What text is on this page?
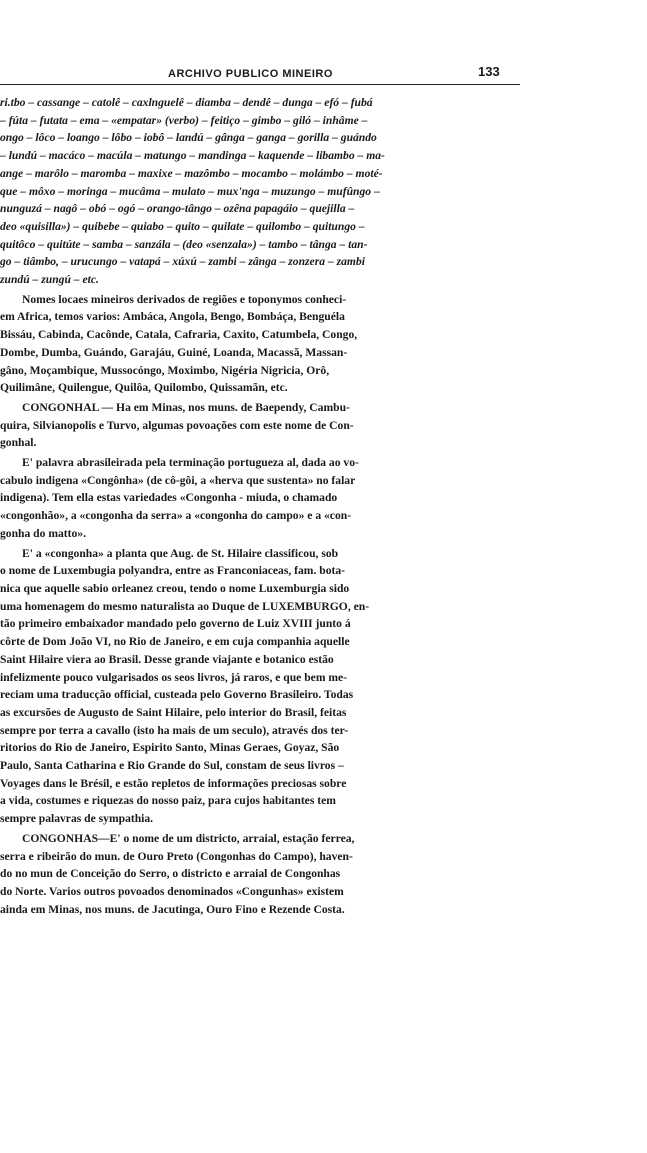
ARCHIVO PUBLICO MINEIRO	133
ri.tbo – cassange – catolê – caxlnguelê – diamba – dendê – dunga – efó – fubá
– fúta – futata – ema – «empatar» (verbo) – feitiço – gimbo – giló – inhâme –
ongo – lôco – loango – lôbo – iobô – landú – gânga – ganga – gorilla – guándo
– lundú – macáco – macúla – matungo – mandinga – kaquende – libambo – ma-
ange – marôlo – maromba – maxixe – mazômbo – mocambo – molámbo – moté-
que – môxo – moringa – mucâma – mulato – mux'nga – muzungo – mufûngo –
nunguzá – nagô – obó – ogó – orango-tângo – ozêna papagáio – quejilla –
deo «quisilla») – quibebe – quiabo – quito – quilate – quilombo – quitungo –
quitôco – quitúte – samba – sanzála – (deo «senzala») – tambo – tânga – tan-
go – tiâmbo, – urucungo – vatapá – xúxú – zambi – zânga – zonzera – zambi
zundú – zungú – etc.
Nomes locaes mineiros derivados de regiões e toponymos conheci-
em Africa, temos varios: Ambáca, Angola, Bengo, Bombáça, Benguéla
Bissáu, Cabinda, Cacônde, Catala, Cafraria, Caxito, Catumbela, Congo,
Dombe, Dumba, Guándo, Garajáu, Guiné, Loanda, Macassã, Massan-
gâno, Moçambique, Mussocóngo, Moximbo, Nigéria Nigricia, Orô,
Quilimâne, Quilengue, Quilôa, Quilombo, Quissamãn, etc.
CONGONHAL — Ha em Minas, nos muns. de Baependy, Cambu-
quira, Silvianopolis e Turvo, algumas povoações com este nome de Con-
gonhal.
E' palavra abrasileirada pela terminação portugueza al, dada ao vo-
cabulo indigena «Congônha» (de cô-gôi, a «herva que sustenta» no falar
indigena). Tem ella estas variedades «Congonha - miuda, o chamado
«congonhão», a «congonha da serra» a «congonha do campo» e a «con-
gonha do matto».
E' a «congonha» a planta que Aug. de St. Hilaire classificou, sob
o nome de Luxembugia polyandra, entre as Franconiaceas, fam. bota-
nica que aquelle sabio orleanez creou, tendo o nome Luxemburgia sido
uma homenagem do mesmo naturalista ao Duque de LUXEMBURGO, en-
tão primeiro embaixador mandado pelo governo de Luiz XVIII junto á
côrte de Dom João VI, no Rio de Janeiro, e em cuja companhia aquelle
Saint Hilaire viera ao Brasil. Desse grande viajante e botanico estão
infelizmente pouco vulgarisados os seos livros, já raros, e que bem me-
reciam uma traducção official, custeada pelo Governo Brasileiro. Todas
as excursões de Augusto de Saint Hilaire, pelo interior do Brasil, feitas
sempre por terra a cavallo (isto ha mais de um seculo), através dos ter-
ritorios do Rio de Janeiro, Espirito Santo, Minas Geraes, Goyaz, São
Paulo, Santa Catharina e Rio Grande do Sul, constam de seus livros –
Voyages dans le Brésil, e estão repletos de informações preciosas sobre
a vida, costumes e riquezas do nosso paiz, para cujos habitantes tem
sempre palavras de sympathia.
CONGONHAS—E' o nome de um districto, arraial, estação ferrea,
serra e ribeirão do mun. de Ouro Preto (Congonhas do Campo), haven-
do no mun de Conceição do Serro, o districto e arraial de Congonhas
do Norte. Varios outros povoados denominados «Congunhas» existem
ainda em Minas, nos muns. de Jacutinga, Ouro Fino e Rezende Costa.
